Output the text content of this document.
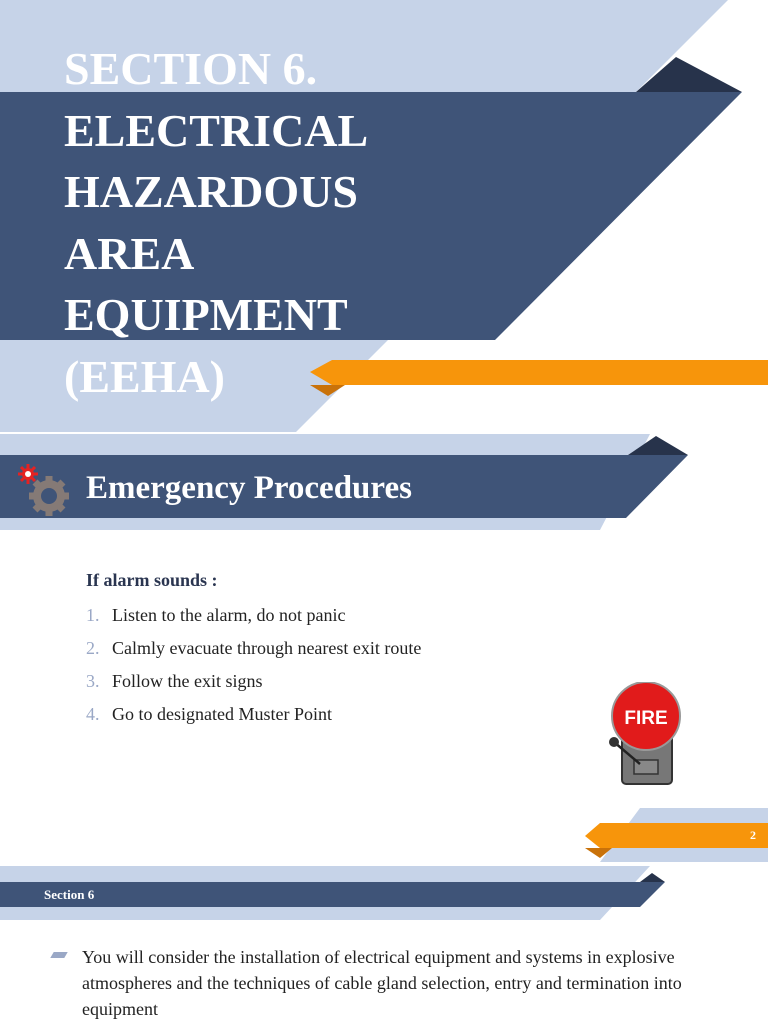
SECTION 6.
ELECTRICAL
HAZARDOUS
AREA
EQUIPMENT
(EEHA)
Emergency Procedures
If alarm sounds :
1. Listen to the alarm, do not panic
2. Calmly evacuate through nearest exit route
3. Follow the exit signs
4. Go to designated Muster Point	FIRE
2
Section 6
You will consider the installation of electrical equipment and systems in explosive atmospheres and the techniques of cable gland selection, entry and termination into equipment
